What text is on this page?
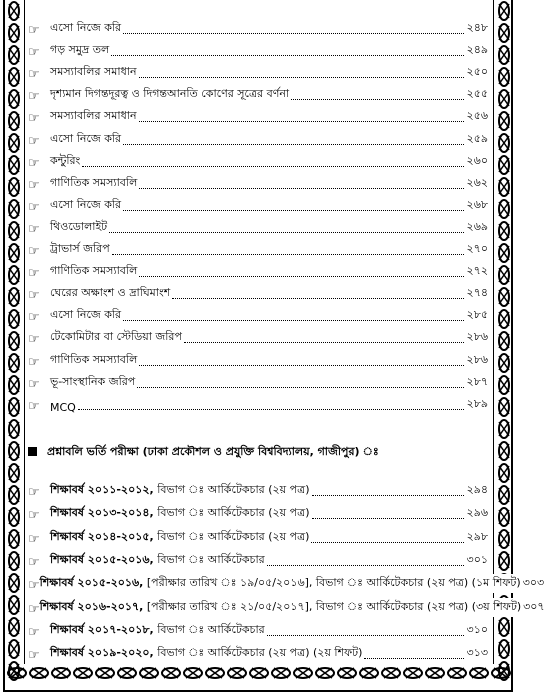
☞ এসো নিজে করি	২৪৮
☞ গড় সমুদ্র তল	২৪৯
☞ সমস্যাবলির সমাধান	২৫০
☞ দৃশ্যমান দিগন্তদূরত্ব ও দিগন্তআনতি কোণের সূত্রের বর্ণনা	২৫৫
☞ সমস্যাবলির সমাধান	২৫৬
☞ এসো নিজে করি	২৫৯
☞ কন্টুরিং	২৬০
☞ গাণিতিক সমস্যাবলি	২৬২
☞ এসো নিজে করি	২৬৮
☞ থিওডোলাইট	২৬৯
☞ ট্রাভার্স জরিপ	২৭০
☞ গাণিতিক সমস্যাবলি	২৭২
☞ ঘেরের অক্ষাংশ ও দ্রাঘিমাংশ	২৭৪
☞ এসো নিজে করি	২৮৫
☞ টেকোমিটার বা স্টেডিয়া জরিপ	২৮৬
☞ গাণিতিক সমস্যাবলি	২৮৬
☞ ভূ-সাংস্থানিক জরিপ	২৮৭
☞ MCQ	২৮৯
প্রশ্নাবলি ভর্তি পরীক্ষা (ঢাকা প্রকৌশল ও প্রযুক্তি বিশ্ববিদ্যালয়, গাজীপুর) ঃ
☞ শিক্ষাবর্ষ ২০১১-২০১২, বিভাগ ঃ আর্কিটেকচার (২য় পত্র)	২৯৪
☞ শিক্ষাবর্ষ ২০১৩-২০১৪, বিভাগ ঃ আর্কিটেকচার (২য় পত্র)	২৯৬
☞ শিক্ষাবর্ষ ২০১৪-২০১৫, বিভাগ ঃ আর্কিটেকচার (২য় পত্র)	২৯৮
☞ শিক্ষাবর্ষ ২০১৫-২০১৬, বিভাগ ঃ আর্কিটেকচার	৩০১
☞ শিক্ষাবর্ষ ২০১৫-২০১৬, [পরীক্ষার তারিখ ঃ ১৯/০৫/২০১৬], বিভাগ ঃ আর্কিটেকচার (২য় পত্র) (১ম শিফট) ৩০৩
☞ শিক্ষাবর্ষ ২০১৬-২০১৭, [পরীক্ষার তারিখ ঃ ২১/০৫/২০১৭], বিভাগ ঃ আর্কিটেকচার (২য় পত্র) (৩য় শিফট) ৩০৭
☞ শিক্ষাবর্ষ ২০১৭-২০১৮, বিভাগ ঃ আর্কিটেকচার	৩১০
☞ শিক্ষাবর্ষ ২০১৯-২০২০, বিভাগ ঃ আর্কিটেকচার (২য় পত্র) (২য় শিফট)	৩১৩
